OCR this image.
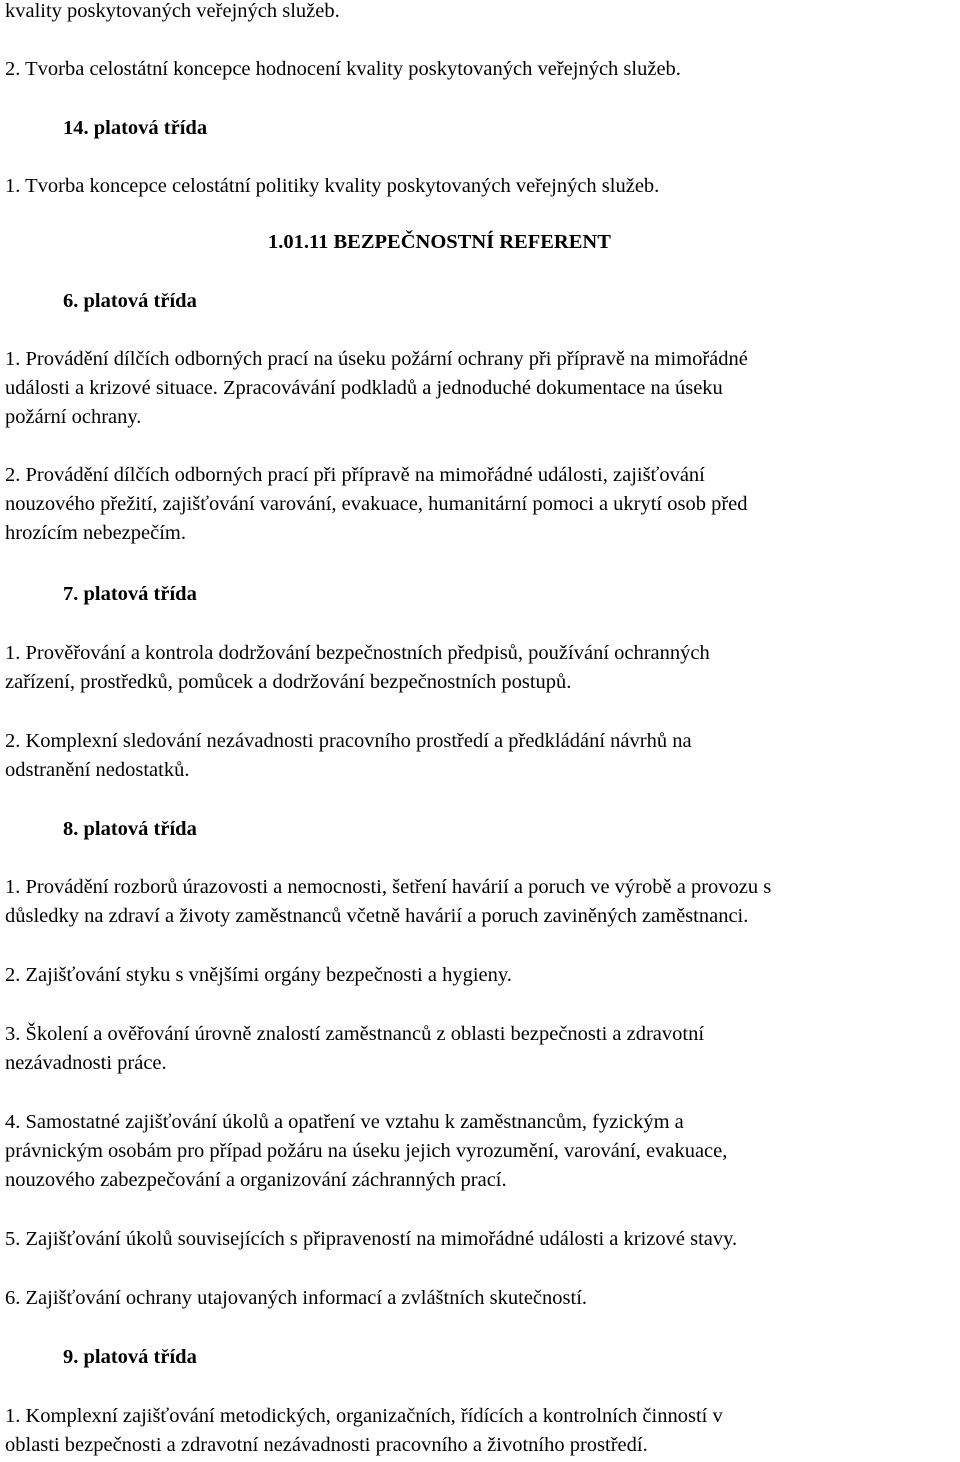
kvality poskytovaných veřejných služeb.

2. Tvorba celostátní koncepce hodnocení kvality poskytovaných veřejných služeb.

14. platová třída

1. Tvorba koncepce celostátní politiky kvality poskytovaných veřejných služeb.

1.01.11 BEZPEČNOSTNÍ REFERENT

6. platová třída

1. Provádění dílčích odborných prací na úseku požární ochrany při přípravě na mimořádné

události a krizové situace. Zpracovávání podkladů a jednoduché dokumentace na úseku

požární ochrany.

2. Provádění dílčích odborných prací při přípravě na mimořádné události, zajišťování

nouzového přežití, zajišťování varování, evakuace, humanitární pomoci a ukrytí osob před

hrozícím nebezpečím.

7. platová třída

1. Prověřování a kontrola dodržování bezpečnostních předpisů, používání ochranných

zařízení, prostředků, pomůcek a dodržování bezpečnostních postupů.

2. Komplexní sledování nezávadnosti pracovního prostředí a předkládání návrhů na

odstranění nedostatků.

8. platová třída

1. Provádění rozborů úrazovosti a nemocnosti, šetření havárií a poruch ve výrobě a provozu s

důsledky na zdraví a životy zaměstnanců včetně havárií a poruch zaviněných zaměstnanci.

2. Zajišťování styku s vnějšími orgány bezpečnosti a hygieny.

3. Školení a ověřování úrovně znalostí zaměstnanců z oblasti bezpečnosti a zdravotní

nezávadnosti práce.

4. Samostatné zajišťování úkolů a opatření ve vztahu k zaměstnancům, fyzickým a

právnickým osobám pro případ požáru na úseku jejich vyrozumění, varování, evakuace,

nouzového zabezpečování a organizování záchranných prací.

5. Zajišťování úkolů souvisejících s připraveností na mimořádné události a krizové stavy.

6. Zajišťování ochrany utajovaných informací a zvláštních skutečností.

9. platová třída

1. Komplexní zajišťování metodických, organizačních, řídících a kontrolních činností v

oblasti bezpečnosti a zdravotní nezávadnosti pracovního a životního prostředí.
